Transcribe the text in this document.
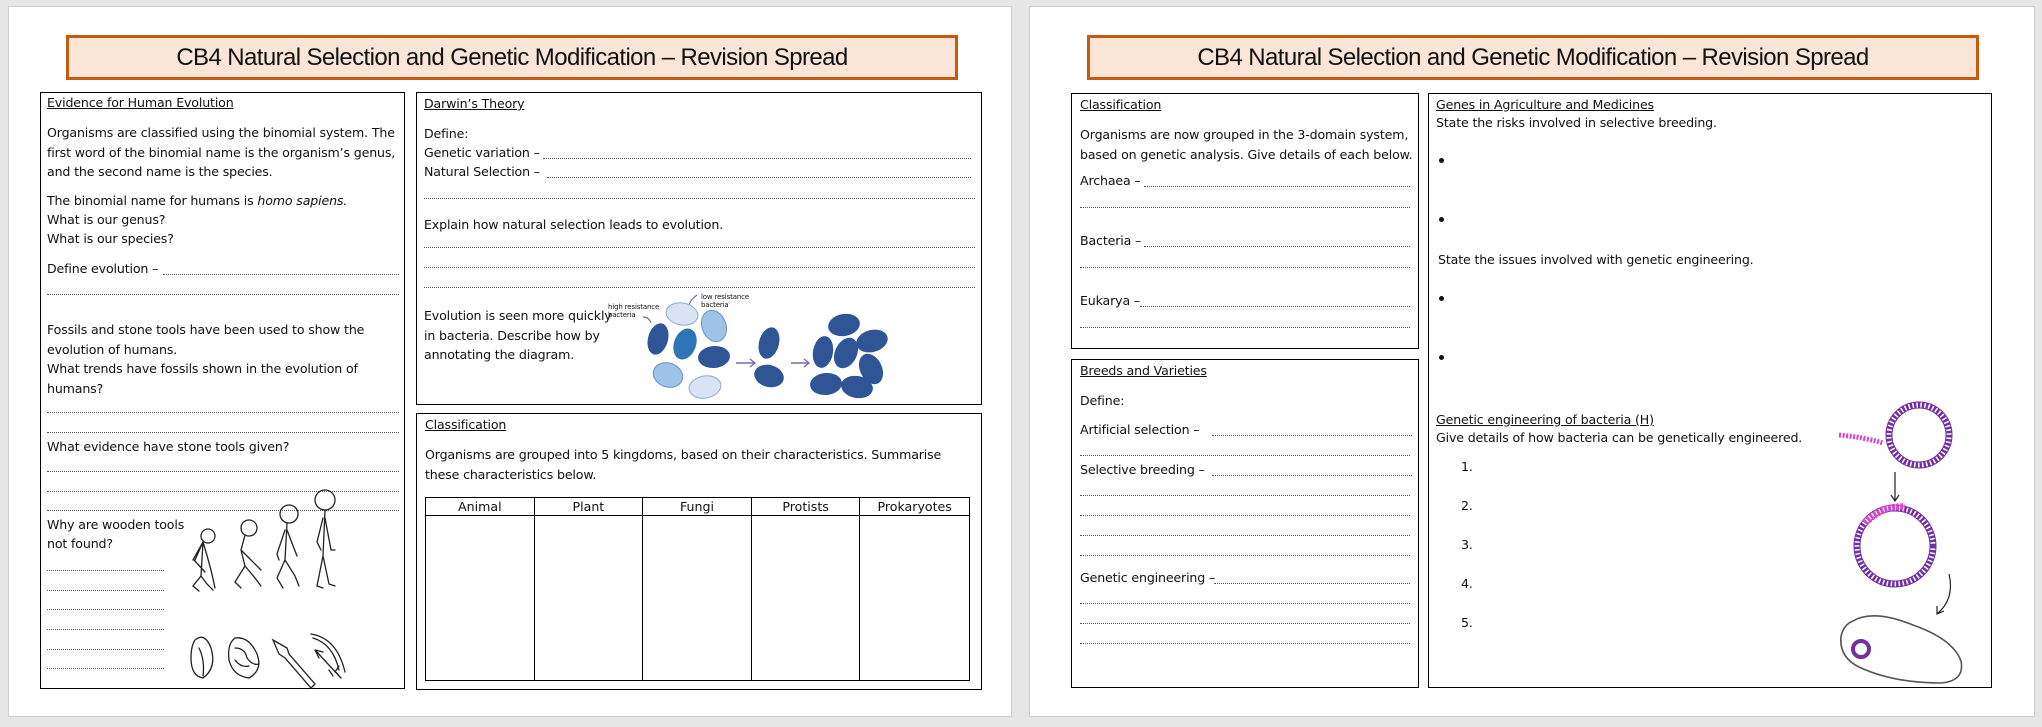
CB4 Natural Selection and Genetic Modification – Revision Spread
Evidence for Human Evolution
Organisms are classified using the binomial system. The first word of the binomial name is the organism’s genus, and the second name is the species.
The binomial name for humans is homo sapiens.
What is our genus?
What is our species?
Define evolution –
Fossils and stone tools have been used to show the evolution of humans.
What trends have fossils shown in the evolution of humans?
What evidence have stone tools given?
Why are wooden tools
not found?
Darwin’s Theory
Define:
Genetic variation –
Natural Selection –
Explain how natural selection leads to evolution.
Evolution is seen more quickly
in bacteria. Describe how by
annotating the diagram.
high resistance
bacteria
low resistance
bacteria
Classification
Organisms are grouped into 5 kingdoms, based on their characteristics. Summarise these characteristics below.
Animal	Plant	Fungi	Protists	Prokaryotes
CB4 Natural Selection and Genetic Modification – Revision Spread
Classification
Organisms are now grouped in the 3-domain system, based on genetic analysis. Give details of each below.
Archaea –
Bacteria –
Eukarya –
Breeds and Varieties
Define:
Artificial selection –
Selective breeding –
Genetic engineering –
Genes in Agriculture and Medicines
State the risks involved in selective breeding.
State the issues involved with genetic engineering.
Genetic engineering of bacteria (H)
Give details of how bacteria can be genetically engineered.
1.
2.
3.
4.
5.
